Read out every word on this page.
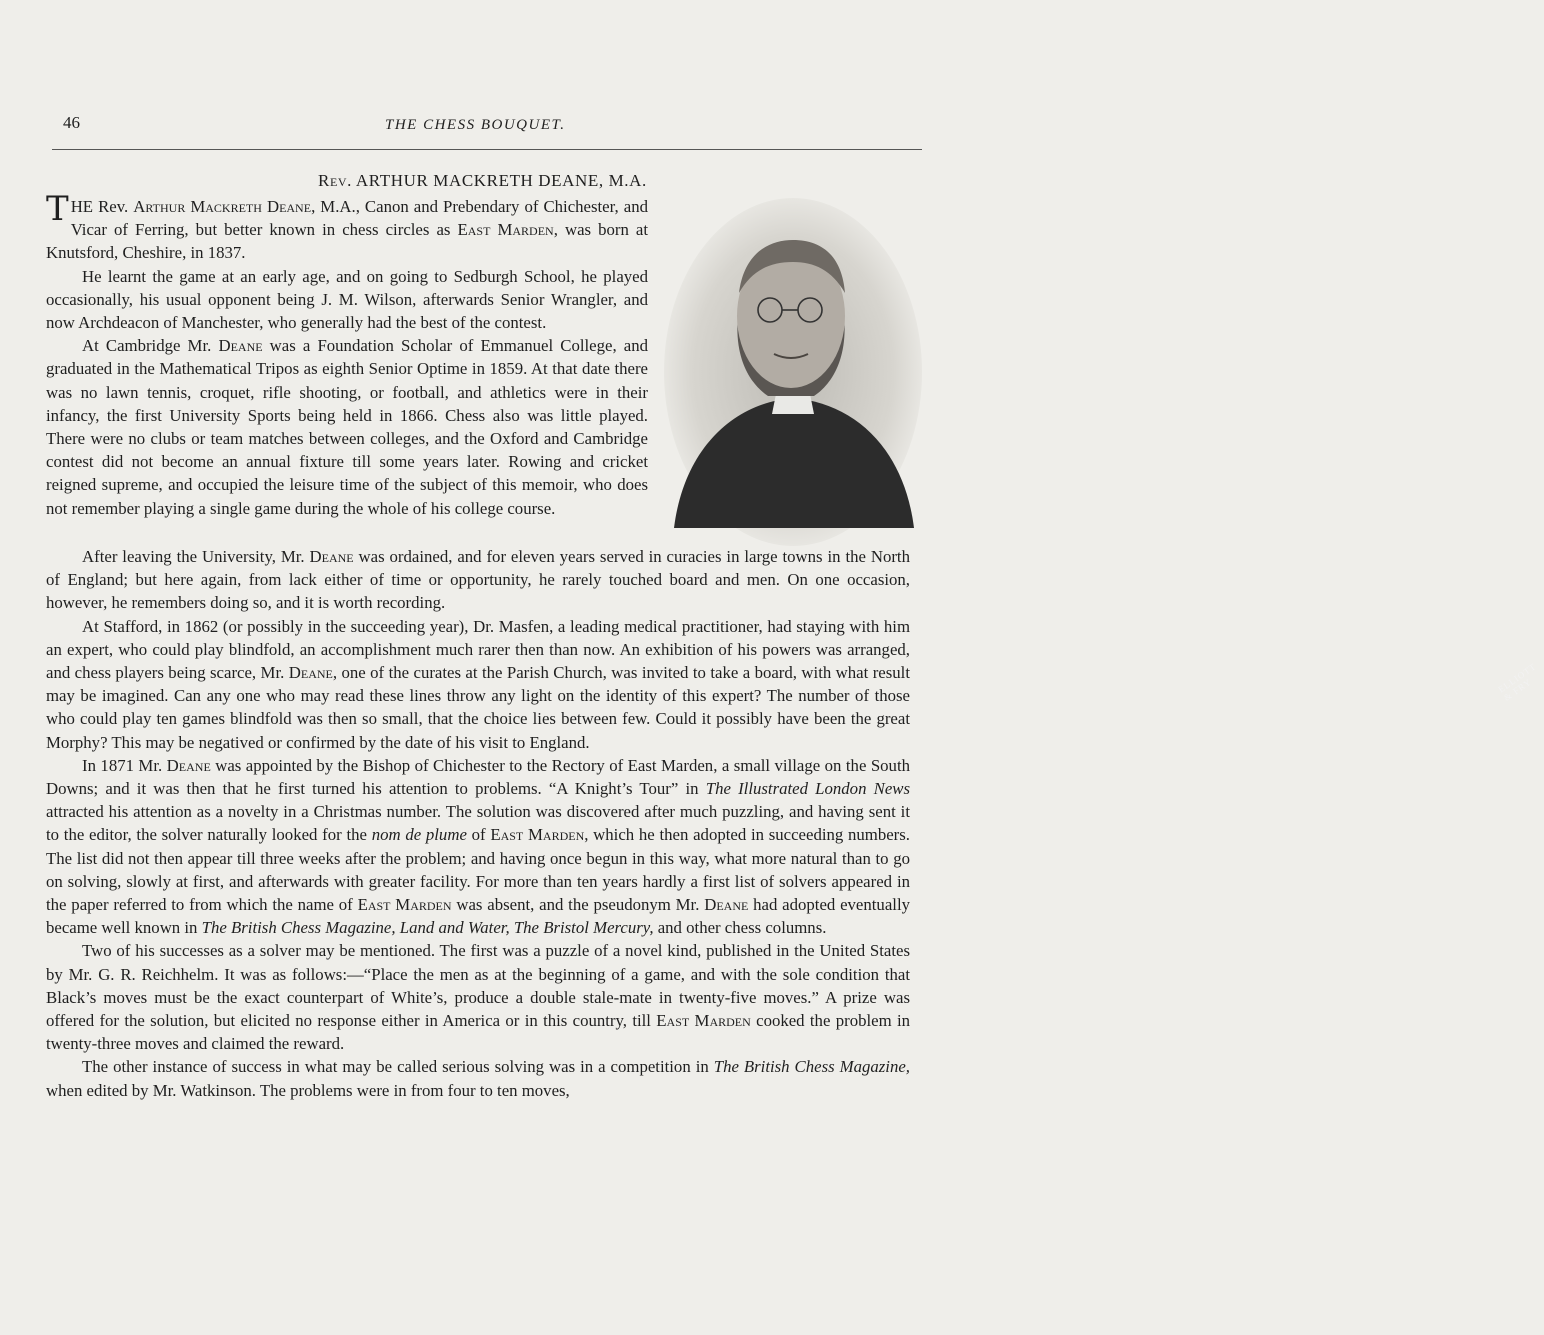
46	THE CHESS BOUQUET.
Rev. ARTHUR MACKRETH DEANE, M.A.
ELLIOTT & FRY

THE Rev. Arthur Mackreth Deane, M.A., Canon and Prebendary of Chichester, and Vicar of Ferring, but better known in chess circles as East Marden, was born at Knutsford, Cheshire, in 1837.

He learnt the game at an early age, and on going to Sedburgh School, he played occasionally, his usual opponent being J. M. Wilson, afterwards Senior Wrangler, and now Archdeacon of Manchester, who generally had the best of the contest.

At Cambridge Mr. Deane was a Foundation Scholar of Emmanuel College, and graduated in the Mathematical Tripos as eighth Senior Optime in 1859. At that date there was no lawn tennis, croquet, rifle shooting, or football, and athletics were in their infancy, the first University Sports being held in 1866. Chess also was little played. There were no clubs or team matches between colleges, and the Oxford and Cambridge contest did not become an annual fixture till some years later. Rowing and cricket reigned supreme, and occupied the leisure time of the subject of this memoir, who does not remember playing a single game during the whole of his college course.

After leaving the University, Mr. Deane was ordained, and for eleven years served in curacies in large towns in the North of England; but here again, from lack either of time or opportunity, he rarely touched board and men. On one occasion, however, he remembers doing so, and it is worth recording.

At Stafford, in 1862 (or possibly in the succeeding year), Dr. Masfen, a leading medical practitioner, had staying with him an expert, who could play blindfold, an accomplishment much rarer then than now. An exhibition of his powers was arranged, and chess players being scarce, Mr. Deane, one of the curates at the Parish Church, was invited to take a board, with what result may be imagined. Can any one who may read these lines throw any light on the identity of this expert? The number of those who could play ten games blindfold was then so small, that the choice lies between few. Could it possibly have been the great Morphy? This may be negatived or confirmed by the date of his visit to England.

In 1871 Mr. Deane was appointed by the Bishop of Chichester to the Rectory of East Marden, a small village on the South Downs; and it was then that he first turned his attention to problems. “A Knight’s Tour” in The Illustrated London News attracted his attention as a novelty in a Christmas number. The solution was discovered after much puzzling, and having sent it to the editor, the solver naturally looked for the nom de plume of East Marden, which he then adopted in succeeding numbers. The list did not then appear till three weeks after the problem; and having once begun in this way, what more natural than to go on solving, slowly at first, and afterwards with greater facility. For more than ten years hardly a first list of solvers appeared in the paper referred to from which the name of East Marden was absent, and the pseudonym Mr. Deane had adopted eventually became well known in The British Chess Magazine, Land and Water, The Bristol Mercury, and other chess columns.

Two of his successes as a solver may be mentioned. The first was a puzzle of a novel kind, published in the United States by Mr. G. R. Reichhelm. It was as follows:—“Place the men as at the beginning of a game, and with the sole condition that Black’s moves must be the exact counterpart of White’s, produce a double stale-mate in twenty-five moves.” A prize was offered for the solution, but elicited no response either in America or in this country, till East Marden cooked the problem in twenty-three moves and claimed the reward.

The other instance of success in what may be called serious solving was in a competition in The British Chess Magazine, when edited by Mr. Watkinson. The problems were in from four to ten moves,
